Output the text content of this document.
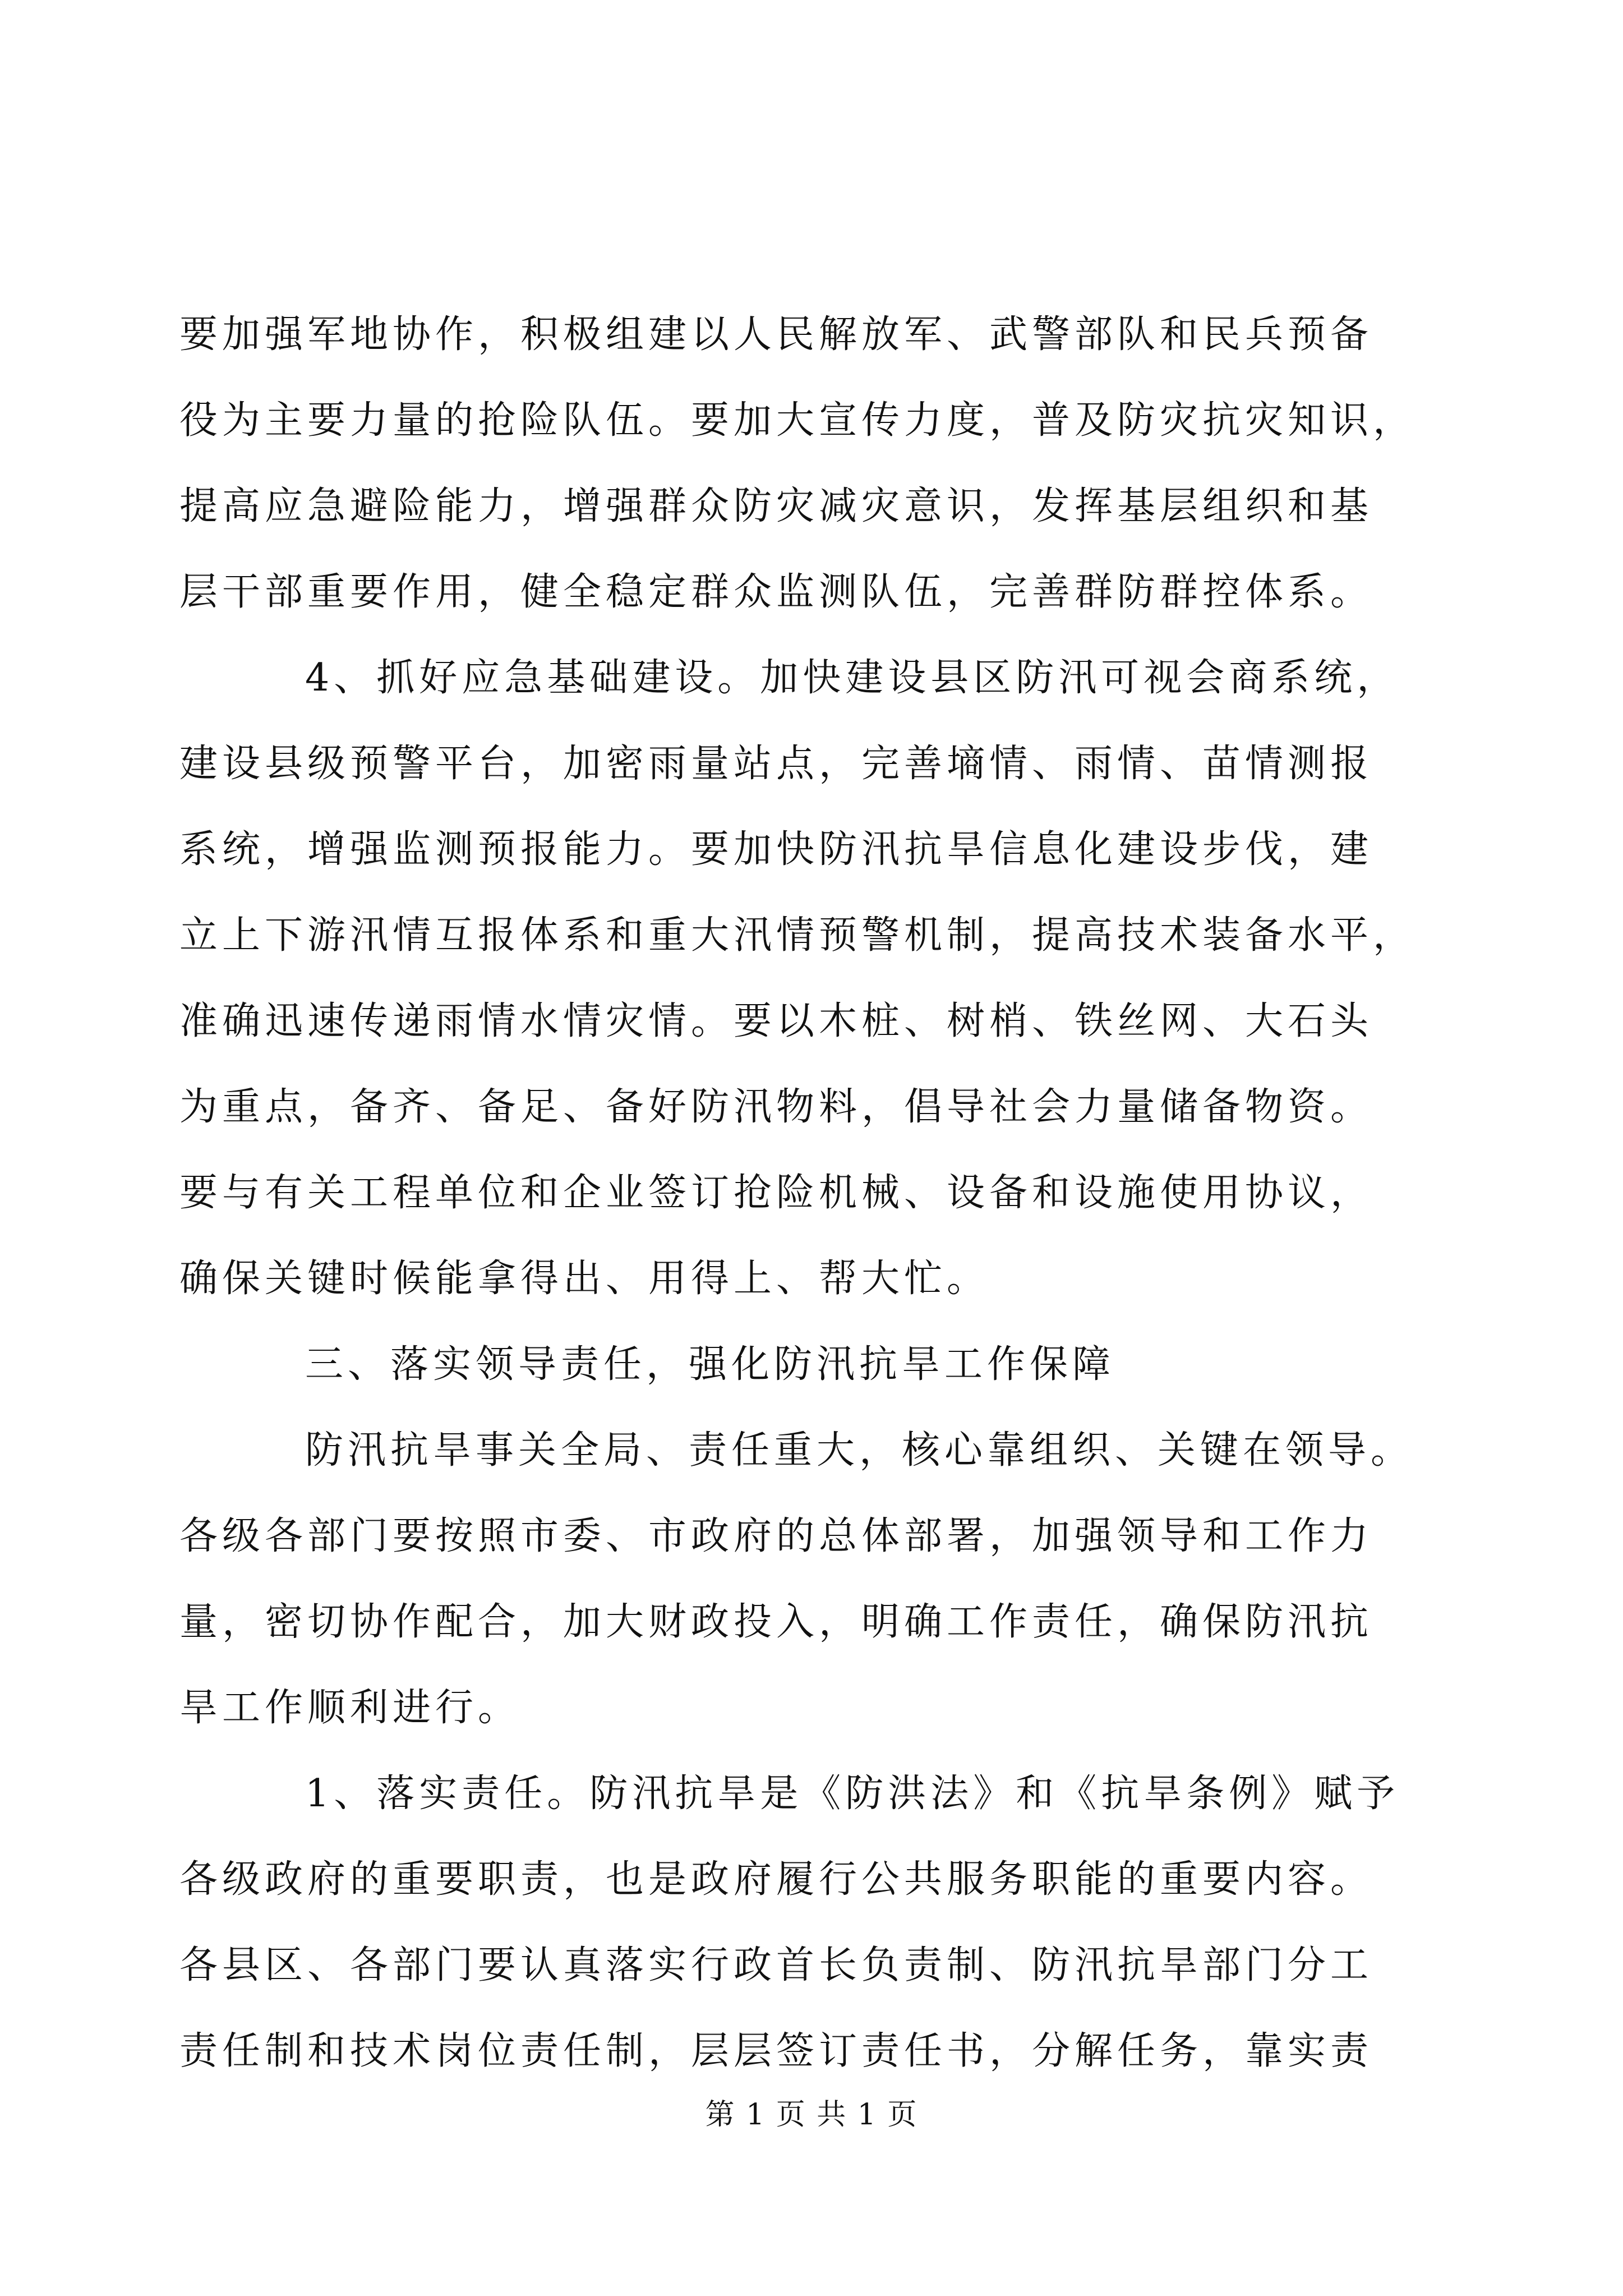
要加强军地协作，积极组建以人民解放军、武警部队和民兵预备
役为主要力量的抢险队伍。要加大宣传力度，普及防灾抗灾知识，
提高应急避险能力，增强群众防灾减灾意识，发挥基层组织和基
层干部重要作用，健全稳定群众监测队伍，完善群防群控体系。
4、抓好应急基础建设。加快建设县区防汛可视会商系统，
建设县级预警平台，加密雨量站点，完善墒情、雨情、苗情测报
系统，增强监测预报能力。要加快防汛抗旱信息化建设步伐，建
立上下游汛情互报体系和重大汛情预警机制，提高技术装备水平，
准确迅速传递雨情水情灾情。要以木桩、树梢、铁丝网、大石头
为重点，备齐、备足、备好防汛物料，倡导社会力量储备物资。
要与有关工程单位和企业签订抢险机械、设备和设施使用协议，
确保关键时候能拿得出、用得上、帮大忙。
三、落实领导责任，强化防汛抗旱工作保障
防汛抗旱事关全局、责任重大，核心靠组织、关键在领导。
各级各部门要按照市委、市政府的总体部署，加强领导和工作力
量，密切协作配合，加大财政投入，明确工作责任，确保防汛抗
旱工作顺利进行。
1、落实责任。防汛抗旱是《防洪法》和《抗旱条例》赋予
各级政府的重要职责，也是政府履行公共服务职能的重要内容。
各县区、各部门要认真落实行政首长负责制、防汛抗旱部门分工
责任制和技术岗位责任制，层层签订责任书，分解任务，靠实责
第 1 页 共 1 页
